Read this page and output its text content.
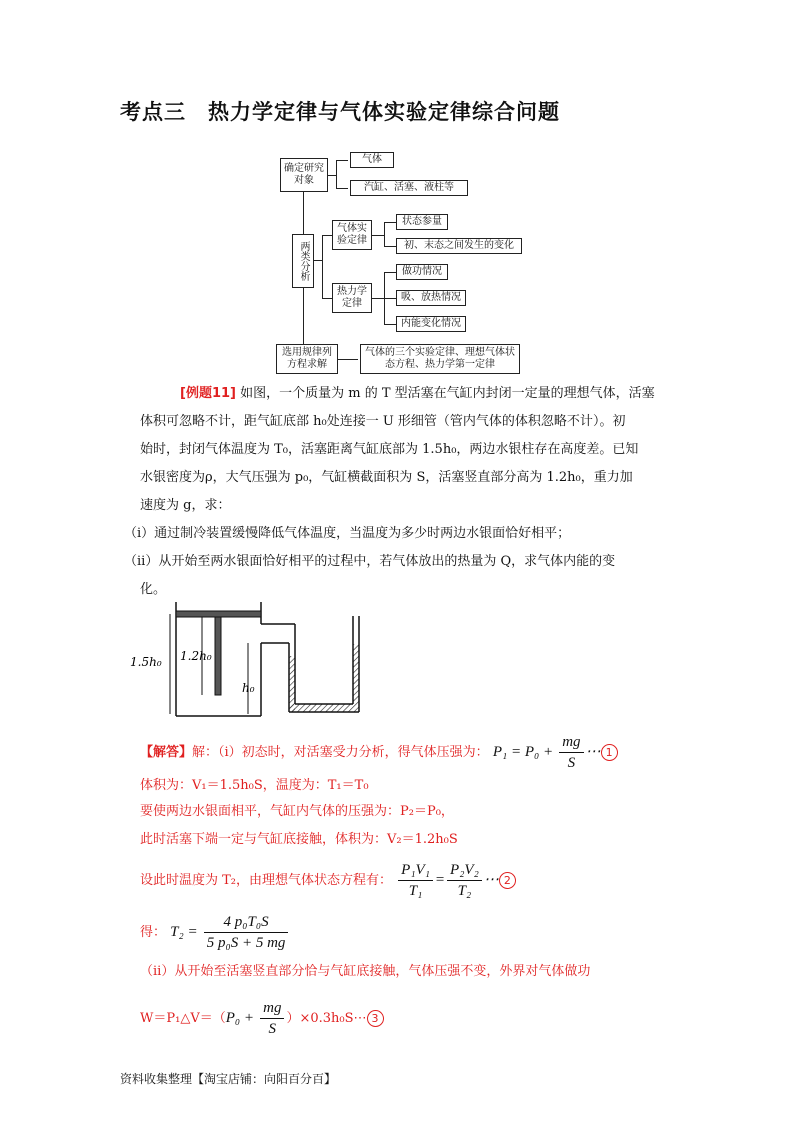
考点三　热力学定律与气体实验定律综合问题
确定研究对象
气体
汽缸、活塞、液柱等
两类分析
气体实验定律
状态参量
初、末态之间发生的变化
热力学定律
做功情况
吸、放热情况
内能变化情况
选用规律列方程求解
气体的三个实验定律、理想气体状态方程、热力学第一定律
[例题11] 如图，一个质量为 m 的 T 型活塞在气缸内封闭一定量的理想气体，活塞
体积可忽略不计，距气缸底部 h₀处连接一 U 形细管（管内气体的体积忽略不计）。初
始时，封闭气体温度为 T₀，活塞距离气缸底部为 1.5h₀，两边水银柱存在高度差。已知
水银密度为ρ，大气压强为 p₀，气缸横截面积为 S，活塞竖直部分高为 1.2h₀，重力加
速度为 g，求：
（i）通过制冷装置缓慢降低气体温度，当温度为多少时两边水银面恰好相平；
（ii）从开始至两水银面恰好相平的过程中，若气体放出的热量为 Q，求气体内能的变
化。
1.5h₀ 1.2h₀
h₀
【解答】解：（i）初态时，对活塞受力分析，得气体压强为： $P_1 = P_0 + \frac{mg}{S}$ ⋯ 1
体积为：V₁＝1.5h₀S，温度为：T₁＝T₀
要使两边水银面相平，气缸内气体的压强为：P₂＝P₀，
此时活塞下端一定与气缸底接触，体积为：V₂＝1.2h₀S
设此时温度为 T₂，由理想气体状态方程有： $\frac{\text{P₁V₁}}{\text{T₁}} = \frac{\text{P₂V₂}}{\text{T₂}}$ ⋯ 2
得： $T_2 = \frac{\text{4 p₀T₀S}}{\text{5 p₀S + 5 mg}}$
（ii）从开始至活塞竖直部分恰与气缸底接触，气体压强不变，外界对气体做功
W＝P₁△V＝（P₀ + $\frac{mg}{S}$ ）×0.3h₀S⋯ 3
资料收集整理【淘宝店铺：向阳百分百】
